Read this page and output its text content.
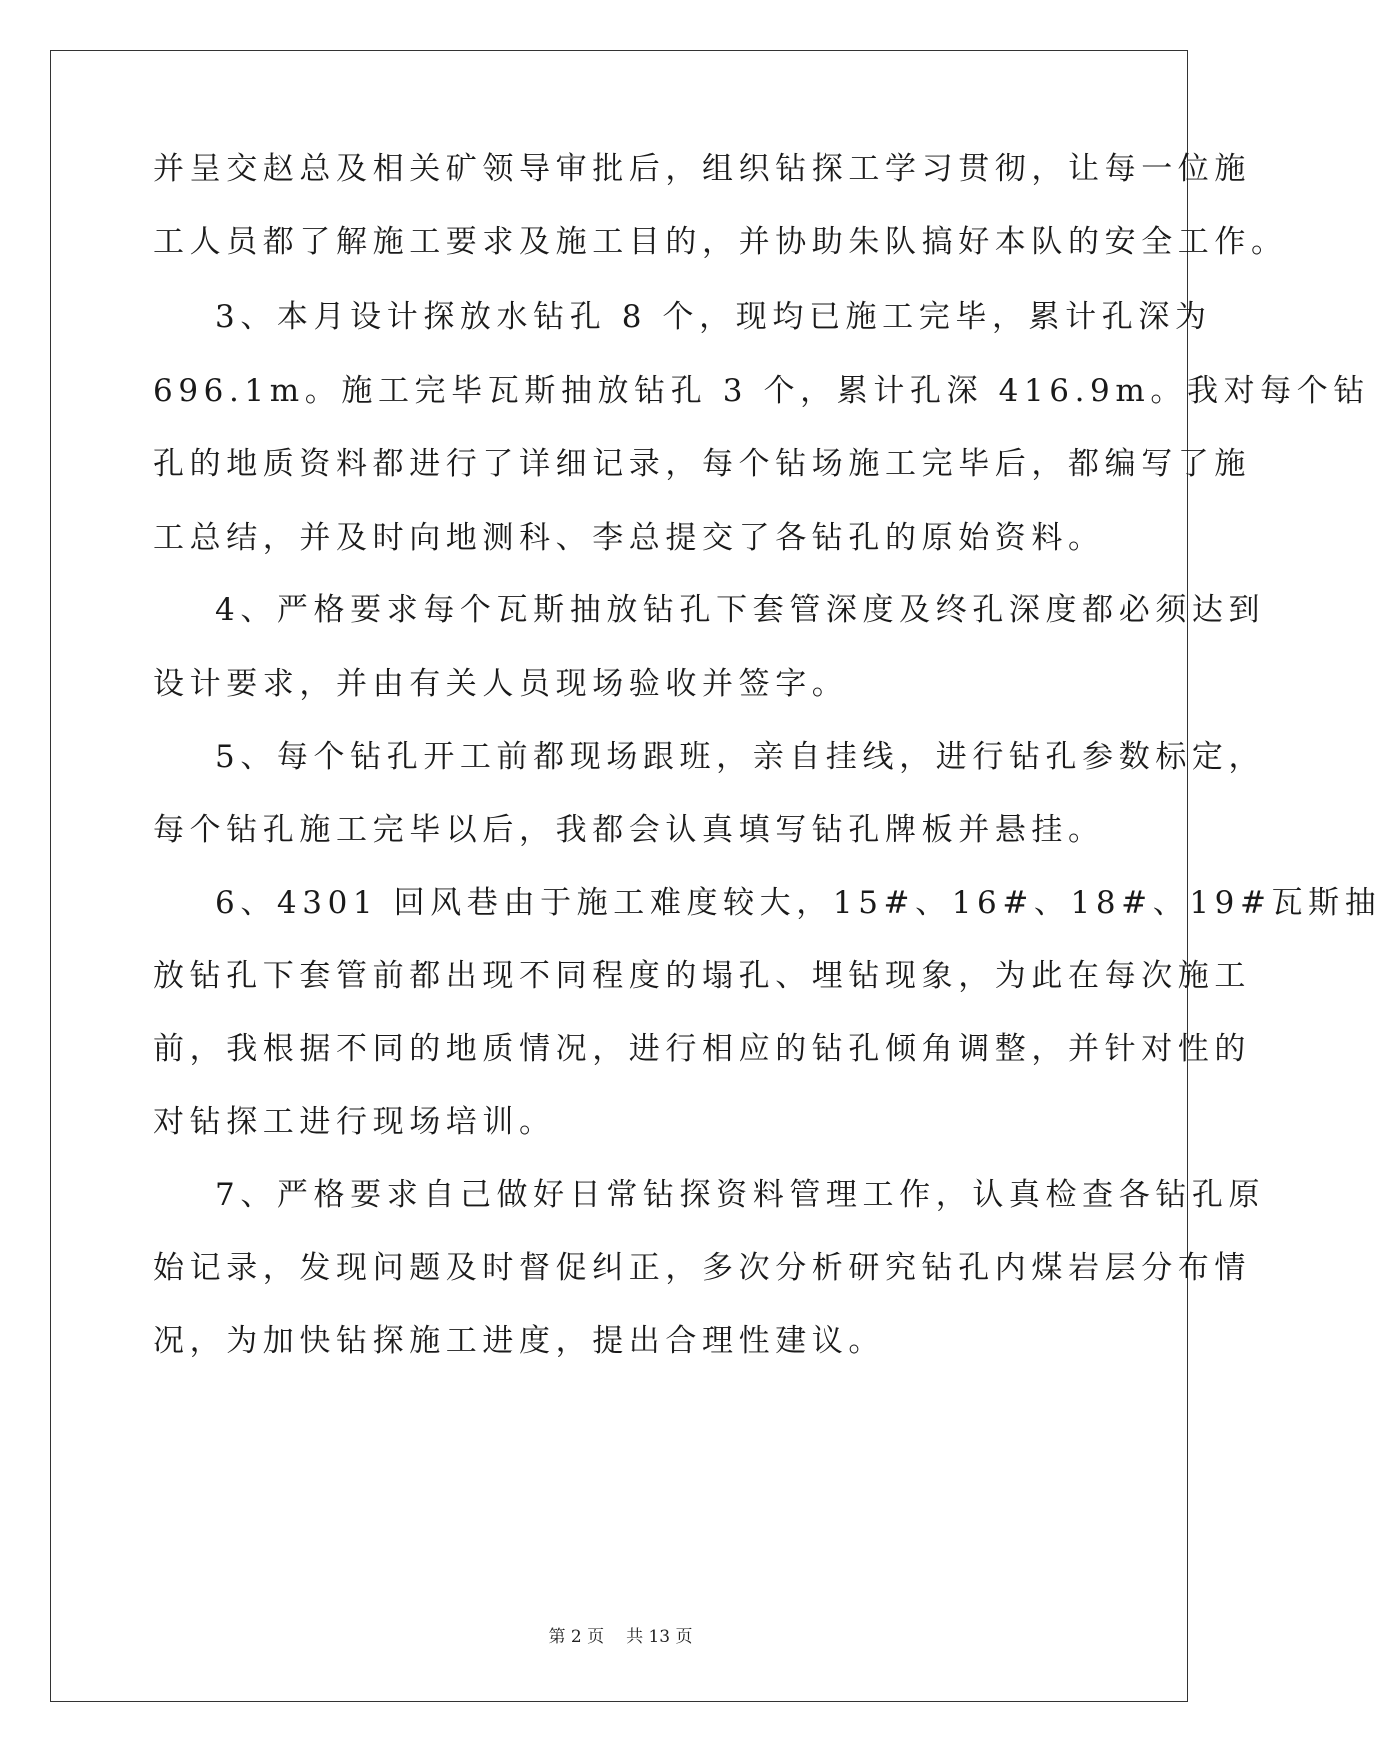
并呈交赵总及相关矿领导审批后，组织钻探工学习贯彻，让每一位施
工人员都了解施工要求及施工目的，并协助朱队搞好本队的安全工作。
3、本月设计探放水钻孔 8 个，现均已施工完毕，累计孔深为
696.1m。施工完毕瓦斯抽放钻孔 3 个，累计孔深 416.9m。我对每个钻
孔的地质资料都进行了详细记录，每个钻场施工完毕后，都编写了施
工总结，并及时向地测科、李总提交了各钻孔的原始资料。
4、严格要求每个瓦斯抽放钻孔下套管深度及终孔深度都必须达到
设计要求，并由有关人员现场验收并签字。
5、每个钻孔开工前都现场跟班，亲自挂线，进行钻孔参数标定，
每个钻孔施工完毕以后，我都会认真填写钻孔牌板并悬挂。
6、4301 回风巷由于施工难度较大，15#、16#、18#、19#瓦斯抽
放钻孔下套管前都出现不同程度的塌孔、埋钻现象，为此在每次施工
前，我根据不同的地质情况，进行相应的钻孔倾角调整，并针对性的
对钻探工进行现场培训。
7、严格要求自己做好日常钻探资料管理工作，认真检查各钻孔原
始记录，发现问题及时督促纠正，多次分析研究钻孔内煤岩层分布情
况，为加快钻探施工进度，提出合理性建议。
第 2 页 共 13 页
